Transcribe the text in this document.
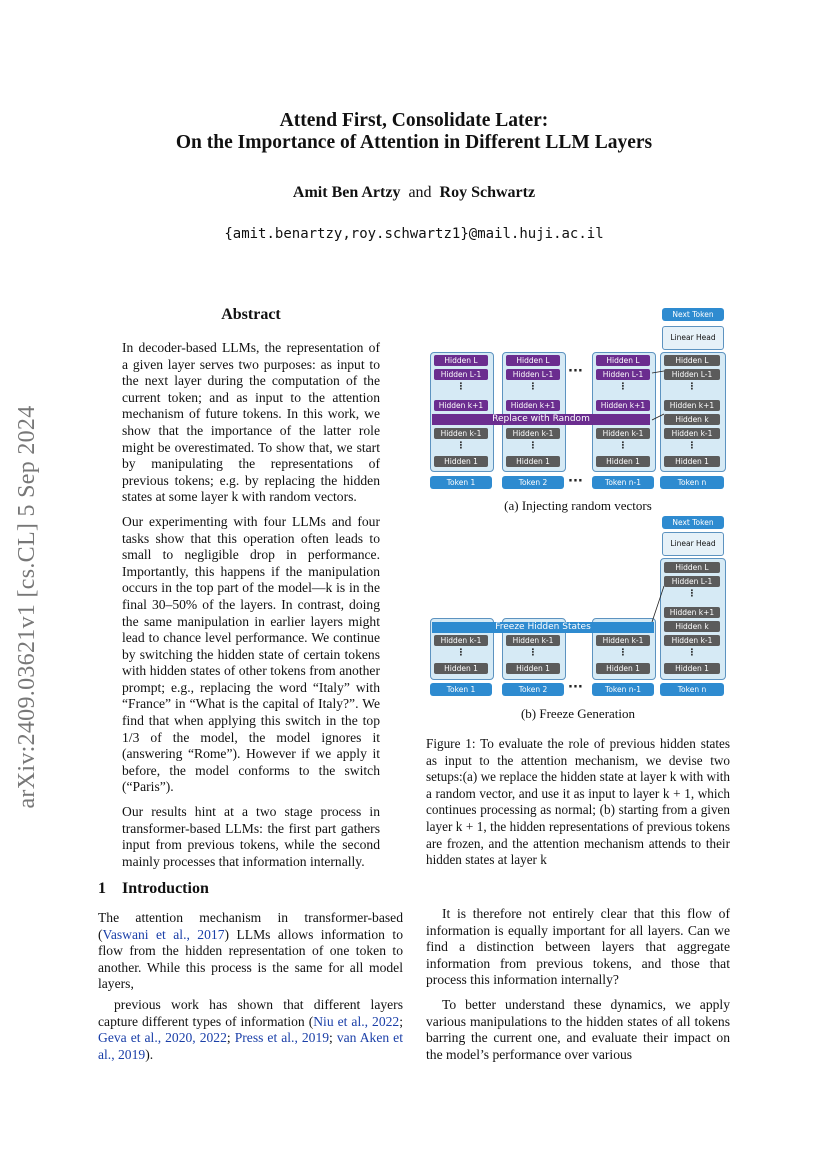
Attend First, Consolidate Later:
On the Importance of Attention in Different LLM Layers
Amit Ben Artzy and Roy Schwartz
{amit.benartzy,roy.schwartz1}@mail.huji.ac.il
arXiv:2409.03621v1 [cs.CL] 5 Sep 2024
Abstract

In decoder-based LLMs, the representation of a given layer serves two purposes: as input to the next layer during the computation of the current token; and as input to the attention mechanism of future tokens. In this work, we show that the importance of the latter role might be overestimated. To show that, we start by manipulating the representations of previous tokens; e.g. by replacing the hidden states at some layer k with random vectors.

Our experimenting with four LLMs and four tasks show that this operation often leads to small to negligible drop in performance. Importantly, this happens if the manipulation occurs in the top part of the model—k is in the final 30–50% of the layers. In contrast, doing the same manipulation in earlier layers might lead to chance level performance. We continue by switching the hidden state of certain tokens with hidden states of other tokens from another prompt; e.g., replacing the word “Italy” with “France” in “What is the capital of Italy?”. We find that when applying this switch in the top 1/3 of the model, the model ignores it (answering “Rome”). However if we apply it before, the model conforms to the switch (“Paris”).

Our results hint at a two stage process in transformer-based LLMs: the first part gathers input from previous tokens, while the second mainly processes that information internally.

1 Introduction

The attention mechanism in transformer-based (Vaswani et al., 2017) LLMs allows information to flow from the hidden representation of one token to another. While this process is the same for all model layers,

previous work has shown that different layers capture different types of information (Niu et al., 2022; Geva et al., 2020, 2022; Press et al., 2019; van Aken et al., 2019).

It is therefore not entirely clear that this flow of information is equally important for all layers. Can we find a distinction between layers that aggregate information from previous tokens, and those that process this information internally?

To better understand these dynamics, we apply various manipulations to the hidden states of all tokens barring the current one, and evaluate their impact on the model’s performance over various

Figure 1: To evaluate the role of previous hidden states as input to the attention mechanism, we devise two setups:(a) we replace the hidden state at layer k with with a random vector, and use it as input to layer k + 1, which continues processing as normal; (b) starting from a given layer k + 1, the hidden representations of previous tokens are frozen, and the attention mechanism attends to their hidden states at layer k
Next Token
Linear Head
Hidden L
Hidden L-1
⋮
Hidden k+1
Hidden k-1
⋮
Hidden 1
Hidden L
Hidden L-1
⋮
Hidden k+1
Hidden k-1
⋮
Hidden 1
Hidden L
Hidden L-1
⋮
Hidden k+1
Hidden k-1
⋮
Hidden 1
Replace with Random
Hidden L
Hidden L-1
⋮
Hidden k+1
Hidden k
Hidden k-1
⋮
Hidden 1
···
Token 1	Token 2	···	Token n-1	Token n
(a) Injecting random vectors
Next Token
Linear Head
Freeze Hidden States
Hidden k-1
⋮
Hidden 1
Hidden k-1
⋮
Hidden 1
Hidden k-1
⋮
Hidden 1
Hidden L
Hidden L-1
⋮
Hidden k+1
Hidden k
Hidden k-1
⋮
Hidden 1
Token 1	Token 2	···	Token n-1	Token n
(b) Freeze Generation
